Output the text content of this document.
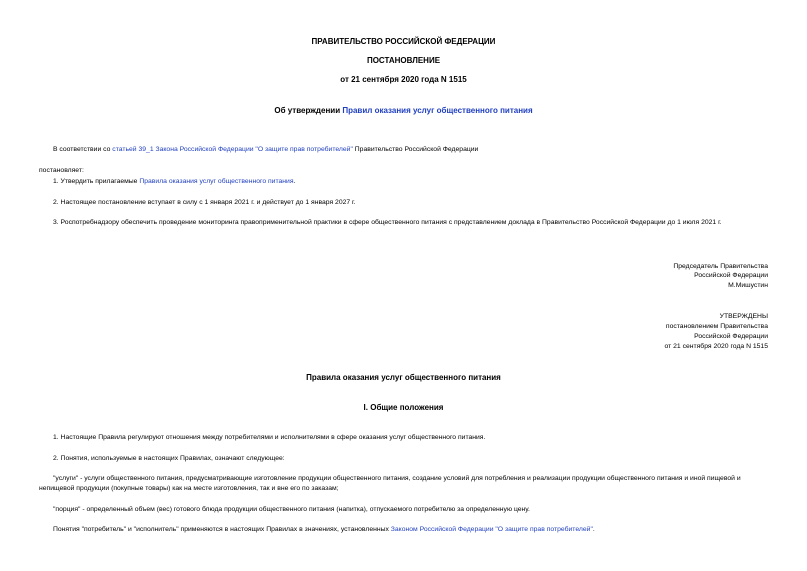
ПРАВИТЕЛЬСТВО РОССИЙСКОЙ ФЕДЕРАЦИИ
ПОСТАНОВЛЕНИЕ
от 21 сентября 2020 года N 1515
Об утверждении Правил оказания услуг общественного питания
В соответствии со статьей 39_1 Закона Российской Федерации "О защите прав потребителей" Правительство Российской Федерации
постановляет:
1. Утвердить прилагаемые Правила оказания услуг общественного питания.
2. Настоящее постановление вступает в силу с 1 января 2021 г. и действует до 1 января 2027 г.
3. Роспотребнадзору обеспечить проведение мониторинга правоприменительной практики в сфере общественного питания с представлением доклада в Правительство Российской Федерации до 1 июля 2021 г.
Председатель Правительства
Российской Федерации
М.Мишустин
УТВЕРЖДЕНЫ
постановлением Правительства
Российской Федерации
от 21 сентября 2020 года N 1515
Правила оказания услуг общественного питания
I. Общие положения
1. Настоящие Правила регулируют отношения между потребителями и исполнителями в сфере оказания услуг общественного питания.
2. Понятия, используемые в настоящих Правилах, означают следующее:
"услуги" - услуги общественного питания, предусматривающие изготовление продукции общественного питания, создание условий для потребления и реализации продукции общественного питания и иной пищевой и
непищевой продукции (покупные товары) как на месте изготовления, так и вне его по заказам;
"порция" - определенный объем (вес) готового блюда продукции общественного питания (напитка), отпускаемого потребителю за определенную цену.
Понятия "потребитель" и "исполнитель" применяются в настоящих Правилах в значениях, установленных Законом Российской Федерации "О защите прав потребителей".
